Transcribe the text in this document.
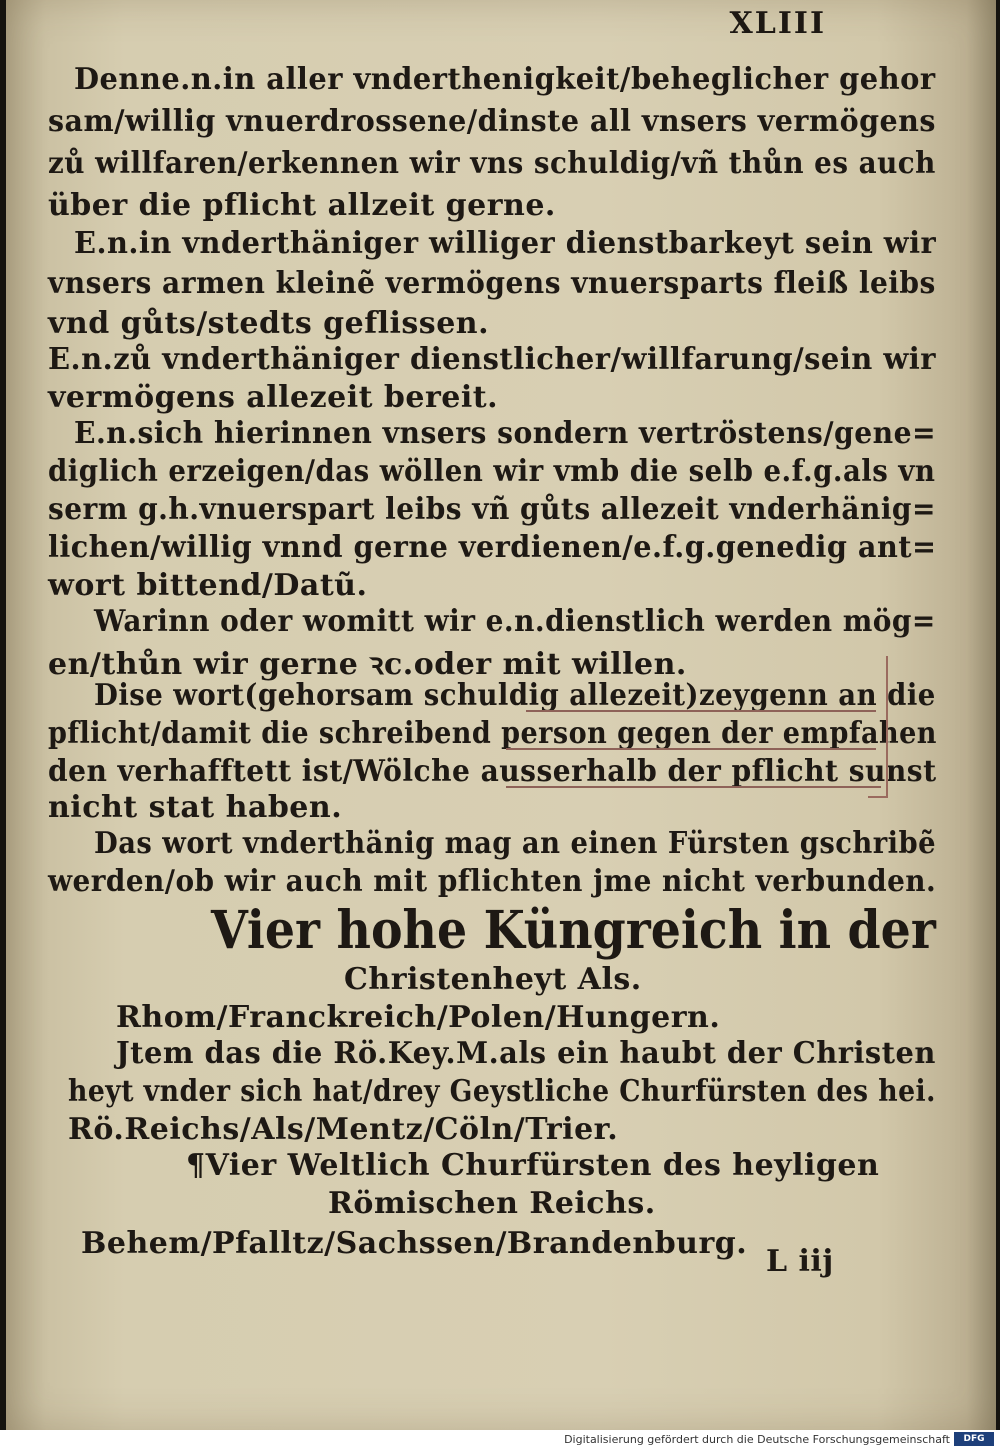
XLIII
Denne.n.in aller vnderthenigkeit/beheglicher gehor
sam/willig vnuerdrossene/dinste all vnsers vermögens
zů willfaren/erkennen wir vns schuldig/vñ thůn es auch
über die pflicht allzeit gerne.
E.n.in vnderthäniger williger dienstbarkeyt sein wir
vnsers armen kleinẽ vermögens vnuersparts fleiß leibs
vnd gůts/stedts geflissen.
E.n.zů vnderthäniger dienstlicher/willfarung/sein wir
vermögens allezeit bereit.
E.n.sich hierinnen vnsers sondern vertröstens/gene=
diglich erzeigen/das wöllen wir vmb die selb e.f.g.als vn
serm g.h.vnuerspart leibs vñ gůts allezeit vnderhänig=
lichen/willig vnnd gerne verdienen/e.f.g.genedig ant=
wort bittend/Datũ.
Warinn oder womitt wir e.n.dienstlich werden mög=
en/thůn wir gerne ꝛc.oder mit willen.
Dise wort(gehorsam schuldig allezeit)zeygenn an die
pflicht/damit die schreibend person gegen der empfahen
den verhafftett ist/Wölche ausserhalb der pflicht sunst
nicht stat haben.
Das wort vnderthänig mag an einen Fürsten gschribẽ
werden/ob wir auch mit pflichten jme nicht verbunden.
Vier hohe Küngreich in der
Christenheyt Als.
Rhom/Franckreich/Polen/Hungern.
Jtem das die Rö.Key.M.als ein haubt der Christen
heyt vnder sich hat/drey Geystliche Churfürsten des hei.
Rö.Reichs/Als/Mentz/Cöln/Trier.
¶Vier Weltlich Churfürsten des heyligen
Römischen Reichs.
Behem/Pfalltz/Sachssen/Brandenburg.
L iij
Digitalisierung gefördert durch die Deutsche Forschungsgemeinschaft	DFG
